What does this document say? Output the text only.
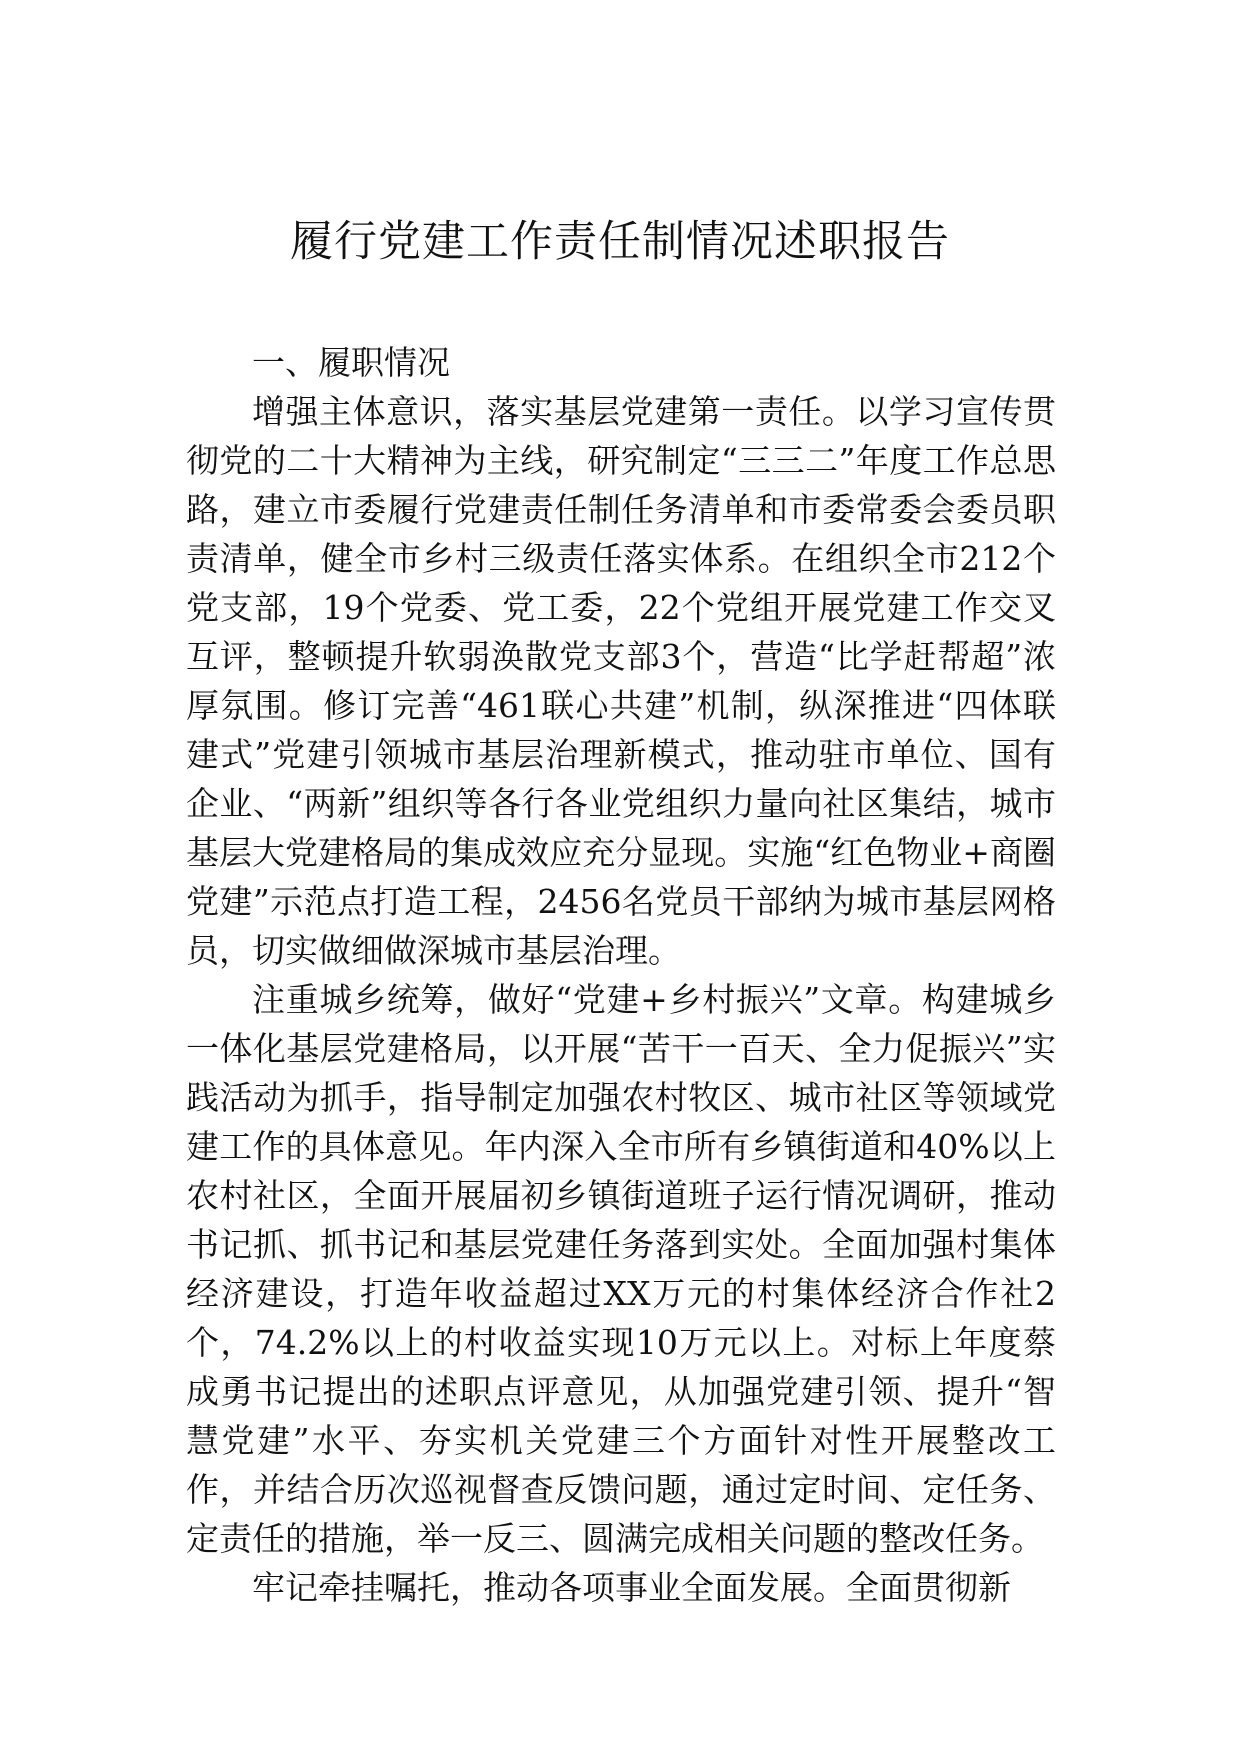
履行党建工作责任制情况述职报告

一、履职情况

增强主体意识，落实基层党建第一责任。以学习宣传贯彻党的二十大精神为主线，研究制定“三三二”年度工作总思路，建立市委履行党建责任制任务清单和市委常委会委员职责清单，健全市乡村三级责任落实体系。在组织全市212个党支部，19个党委、党工委，22个党组开展党建工作交叉互评，整顿提升软弱涣散党支部3个，营造“比学赶帮超”浓厚氛围。修订完善“461联心共建”机制，纵深推进“四体联建式”党建引领城市基层治理新模式，推动驻市单位、国有企业、“两新”组织等各行各业党组织力量向社区集结，城市基层大党建格局的集成效应充分显现。实施“红色物业+商圈党建”示范点打造工程，2456名党员干部纳为城市基层网格员，切实做细做深城市基层治理。

注重城乡统筹，做好“党建+乡村振兴”文章。构建城乡一体化基层党建格局，以开展“苦干一百天、全力促振兴”实践活动为抓手，指导制定加强农村牧区、城市社区等领域党建工作的具体意见。年内深入全市所有乡镇街道和40%以上农村社区，全面开展届初乡镇街道班子运行情况调研，推动书记抓、抓书记和基层党建任务落到实处。全面加强村集体经济建设，打造年收益超过XX万元的村集体经济合作社2个，74.2%以上的村收益实现10万元以上。对标上年度蔡成勇书记提出的述职点评意见，从加强党建引领、提升“智慧党建”水平、夯实机关党建三个方面针对性开展整改工作，并结合历次巡视督查反馈问题，通过定时间、定任务、定责任的措施，举一反三、圆满完成相关问题的整改任务。

牢记牵挂嘱托，推动各项事业全面发展。全面贯彻新
